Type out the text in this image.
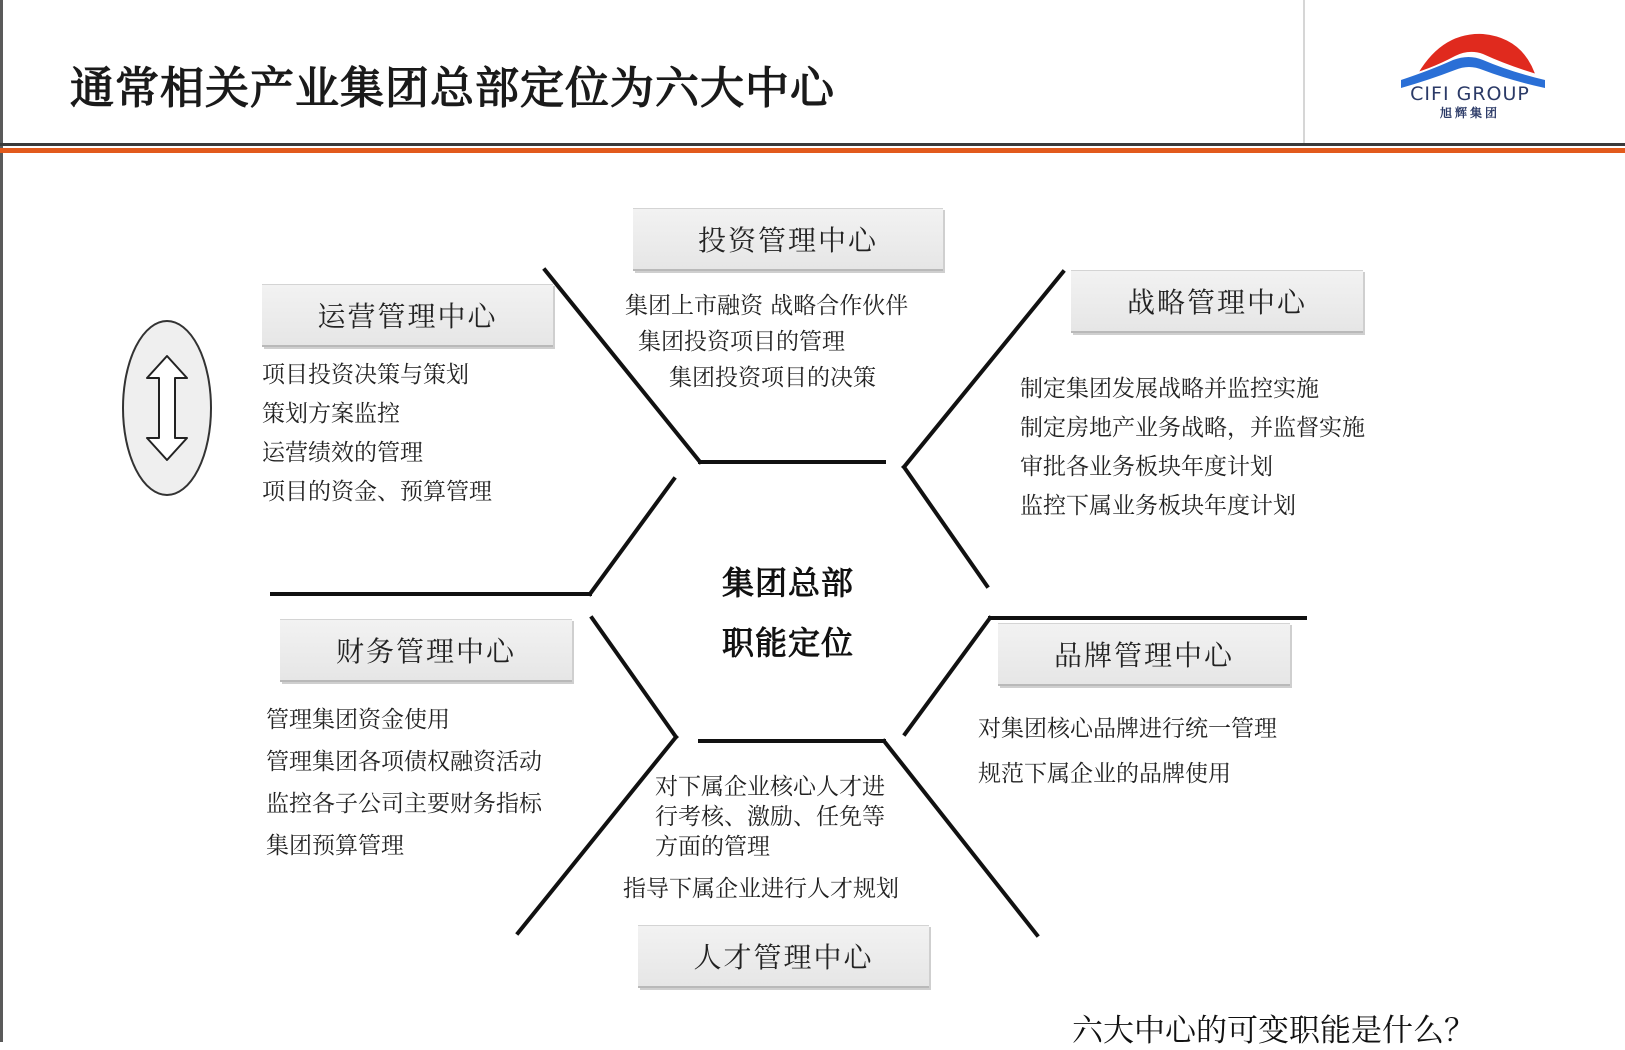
通常相关产业集团总部定位为六大中心	CIFI GROUP
旭辉集团
投资管理中心
集团上市融资 战略合作伙伴
集团投资项目的管理
集团投资项目的决策
运营管理中心
项目投资决策与策划
策划方案监控
运营绩效的管理
项目的资金、预算管理
战略管理中心
制定集团发展战略并监控实施
制定房地产业务战略，并监督实施
审批各业务板块年度计划
监控下属业务板块年度计划
集团总部
职能定位
财务管理中心
管理集团资金使用
管理集团各项债权融资活动
监控各子公司主要财务指标
集团预算管理
品牌管理中心
对集团核心品牌进行统一管理
规范下属企业的品牌使用
对下属企业核心人才进
行考核、激励、任免等
方面的管理
指导下属企业进行人才规划
人才管理中心
六大中心的可变职能是什么？
